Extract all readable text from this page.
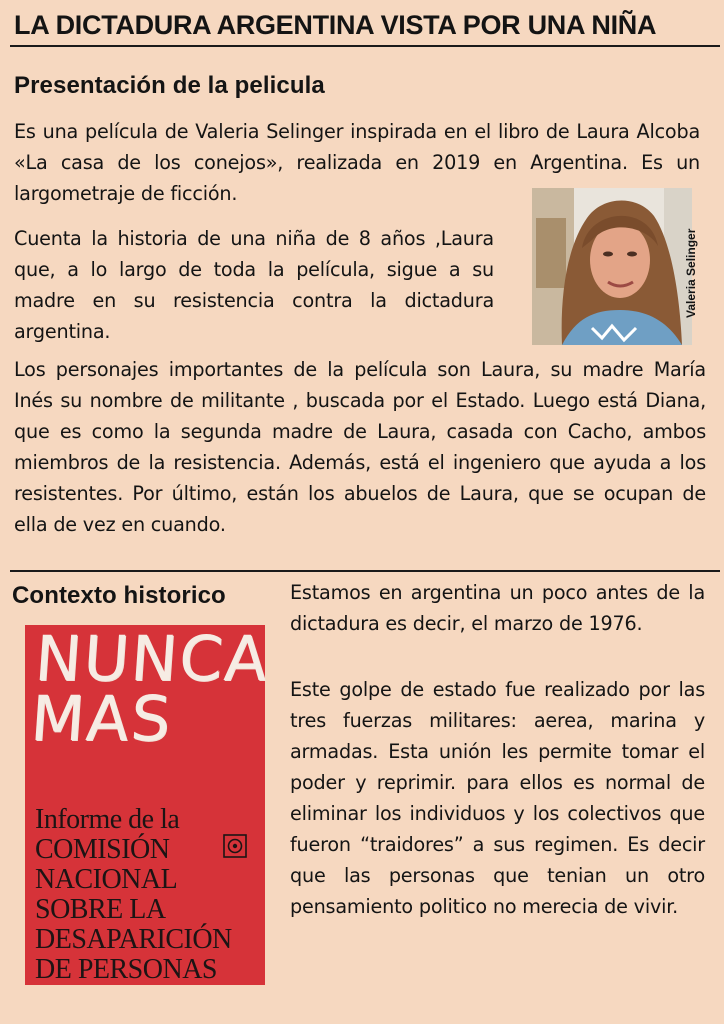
LA DICTADURA ARGENTINA VISTA POR UNA NIÑA
Presentación de la pelicula

Es una película de Valeria Selinger inspirada en el libro de Laura Alcoba «La casa de los conejos», realizada en 2019 en Argentina. Es un largometraje de ficción.

Cuenta la historia de una niña de 8 años ,Laura que, a lo largo de toda la película, sigue a su madre en su resistencia contra la dictadura argentina.

Valeria Selinger

Los personajes importantes de la película son Laura, su madre María Inés su nombre de militante , buscada por el Estado. Luego está Diana, que es como la segunda madre de Laura, casada con Cacho, ambos miembros de la resistencia. Además, está el ingeniero que ayuda a los resistentes. Por último, están los abuelos de Laura, que se ocupan de ella de vez en cuando.

Contexto historico
NUNCA
MAS
Informe de la
COMISIÓN
NACIONAL
SOBRE LA
DESAPARICIÓN
DE PERSONAS

Estamos en argentina un poco antes de la dictadura es decir, el marzo de 1976.

Este golpe de estado fue realizado por las tres fuerzas militares: aerea, marina y armadas. Esta unión les permite tomar el poder y reprimir. para ellos es normal de eliminar los individuos y los colectivos que fueron “traidores” a sus regimen. Es decir que las personas que tenian un otro pensamiento politico no merecia de vivir.
